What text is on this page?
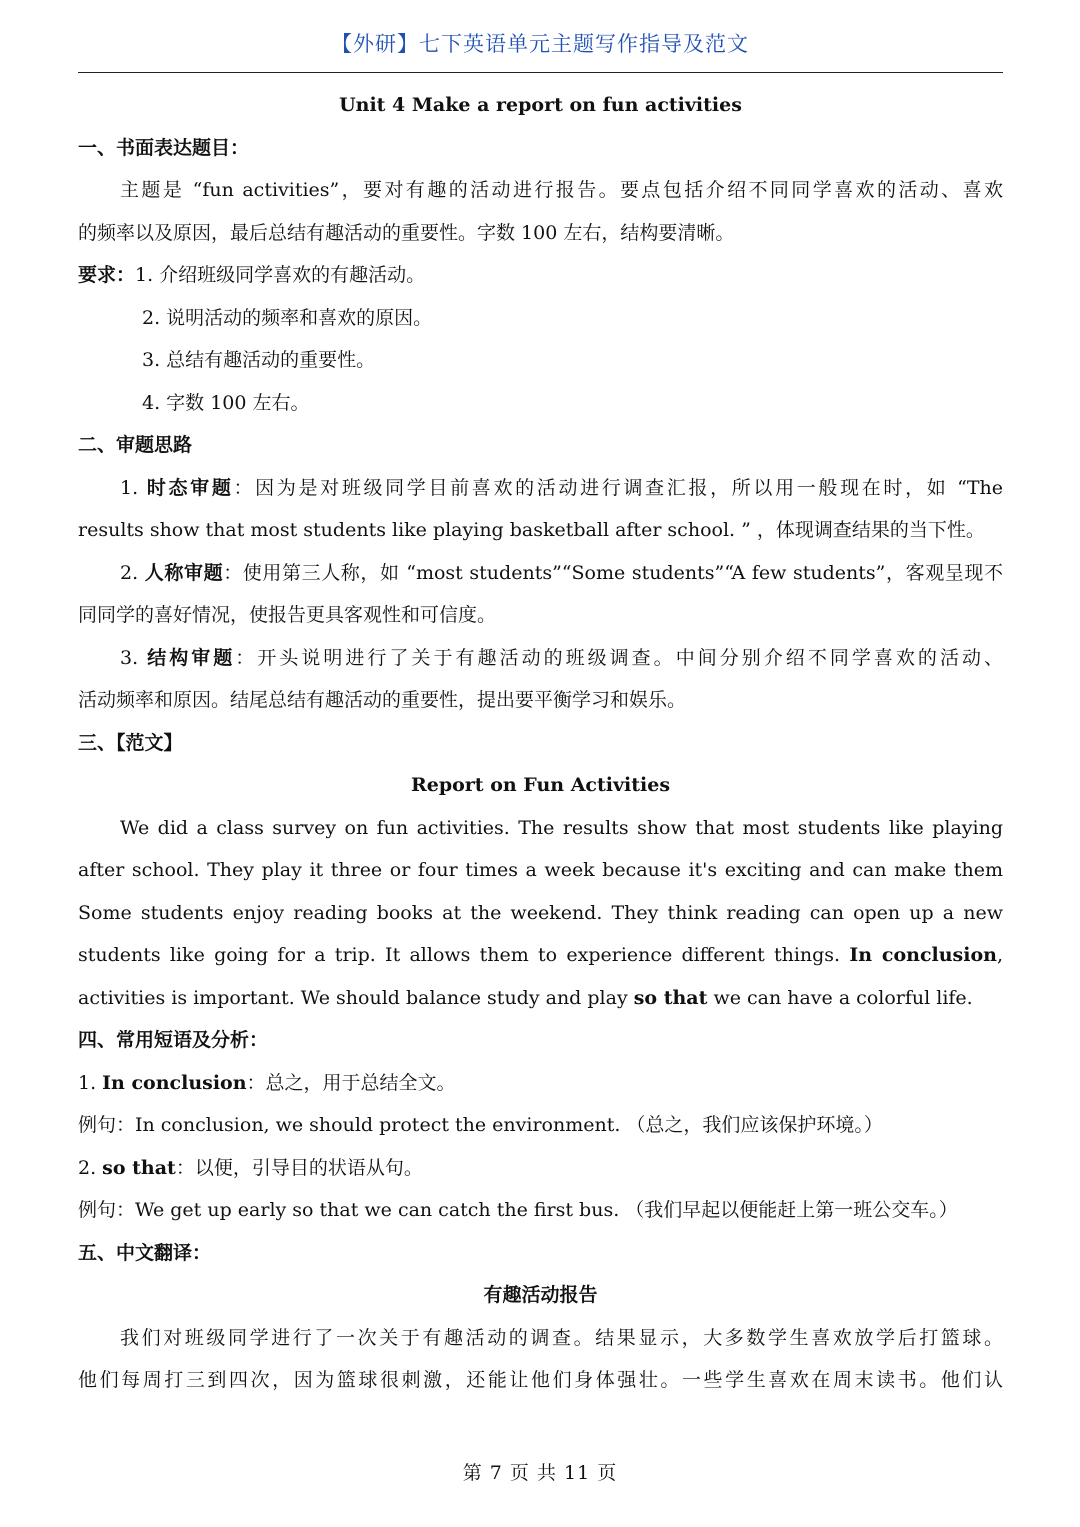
【外研】七下英语单元主题写作指导及范文
Unit 4 Make a report on fun activities
一、书面表达题目：
主题是 “fun activities”，要对有趣的活动进行报告。要点包括介绍不同同学喜欢的活动、喜欢
的频率以及原因，最后总结有趣活动的重要性。字数 100 左右，结构要清晰。
要求：1. 介绍班级同学喜欢的有趣活动。
2. 说明活动的频率和喜欢的原因。
3. 总结有趣活动的重要性。
4. 字数 100 左右。
二、审题思路
1. 时态审题：因为是对班级同学目前喜欢的活动进行调查汇报，所以用一般现在时，如 “The
results show that most students like playing basketball after school. ” ，体现调查结果的当下性。
2. 人称审题：使用第三人称，如 “most students”“Some students”“A few students”，客观呈现不
同同学的喜好情况，使报告更具客观性和可信度。
3. 结构审题：开头说明进行了关于有趣活动的班级调查。中间分别介绍不同学喜欢的活动、
活动频率和原因。结尾总结有趣活动的重要性，提出要平衡学习和娱乐。
三、【范文】
Report on Fun Activities
We did a class survey on fun activities. The results show that most students like playing
after school. They play it three or four times a week because it's exciting and can make them
Some students enjoy reading books at the weekend. They think reading can open up a new
students like going for a trip. It allows them to experience different things. In conclusion,
activities is important. We should balance study and play so that we can have a colorful life.
四、常用短语及分析：
1. In conclusion：总之，用于总结全文。
例句：In conclusion, we should protect the environment. （总之，我们应该保护环境。）
2. so that：以便，引导目的状语从句。
例句：We get up early so that we can catch the first bus. （我们早起以便能赶上第一班公交车。）
五、中文翻译：
有趣活动报告
我们对班级同学进行了一次关于有趣活动的调查。结果显示，大多数学生喜欢放学后打篮球。
他们每周打三到四次，因为篮球很刺激，还能让他们身体强壮。一些学生喜欢在周末读书。他们认
第 7 页 共 11 页
